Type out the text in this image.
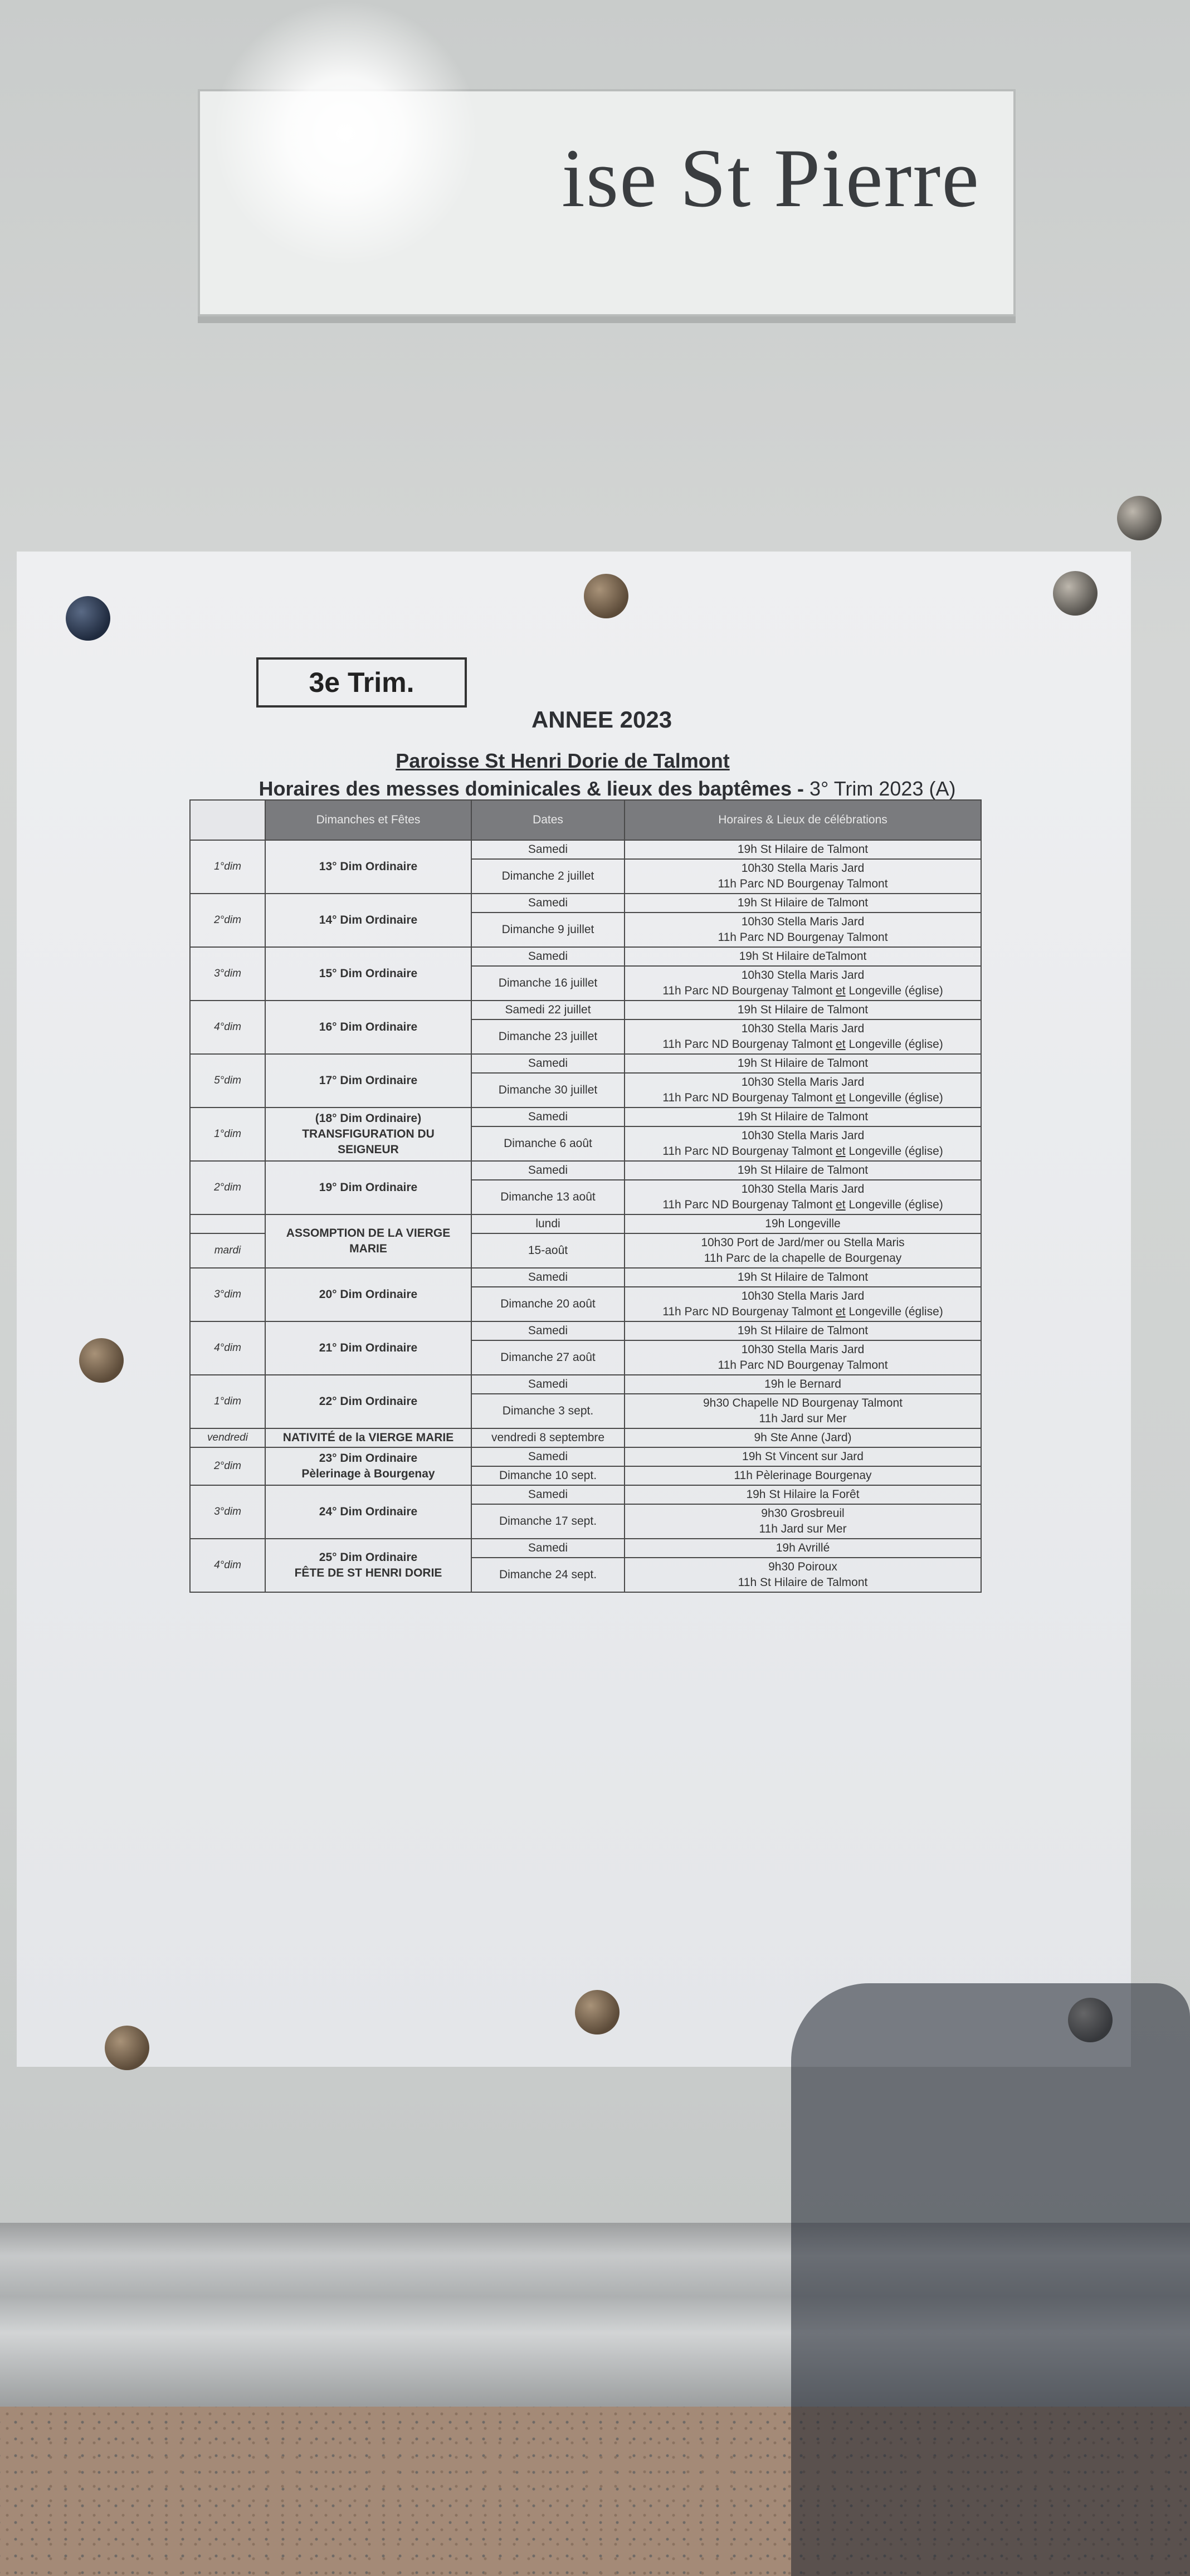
ise St Pierre
3e Trim.
ANNEE 2023
Paroisse St Henri Dorie de Talmont
Horaires des messes dominicales & lieux des baptêmes - 3° Trim 2023 (A)
	Dimanches et Fêtes	Dates	Horaires & Lieux de célébrations
1°dim	13° Dim Ordinaire	Samedi	19h St Hilaire de Talmont
		Dimanche 2 juillet	10h30 Stella Maris Jard
11h Parc ND Bourgenay Talmont
2°dim	14° Dim Ordinaire	Samedi	19h St Hilaire de Talmont
		Dimanche 9 juillet	10h30 Stella Maris Jard
11h Parc ND Bourgenay Talmont
3°dim	15° Dim Ordinaire	Samedi	19h St Hilaire deTalmont
		Dimanche 16 juillet	10h30 Stella Maris Jard
11h Parc ND Bourgenay Talmont et Longeville (église)
4°dim	16° Dim Ordinaire	Samedi 22 juillet	19h St Hilaire de Talmont
		Dimanche 23 juillet	10h30 Stella Maris Jard
11h Parc ND Bourgenay Talmont et Longeville (église)
5°dim	17° Dim Ordinaire	Samedi	19h St Hilaire de Talmont
		Dimanche 30 juillet	10h30 Stella Maris Jard
11h Parc ND Bourgenay Talmont et Longeville (église)
1°dim	(18° Dim Ordinaire)
TRANSFIGURATION DU
SEIGNEUR	Samedi	19h St Hilaire de Talmont
		Dimanche 6 août	10h30 Stella Maris Jard
11h Parc ND Bourgenay Talmont et Longeville (église)
2°dim	19° Dim Ordinaire	Samedi	19h St Hilaire de Talmont
		Dimanche 13 août	10h30 Stella Maris Jard
11h Parc ND Bourgenay Talmont et Longeville (église)
	ASSOMPTION DE LA VIERGE
MARIE	lundi	19h Longeville
mardi		15-août	10h30 Port de Jard/mer ou Stella Maris
11h Parc de la chapelle de Bourgenay
3°dim	20° Dim Ordinaire	Samedi	19h St Hilaire de Talmont
		Dimanche 20 août	10h30 Stella Maris Jard
11h Parc ND Bourgenay Talmont et Longeville (église)
4°dim	21° Dim Ordinaire	Samedi	19h St Hilaire de Talmont
		Dimanche 27 août	10h30 Stella Maris Jard
11h Parc ND Bourgenay Talmont
1°dim	22° Dim Ordinaire	Samedi	19h le Bernard
		Dimanche 3 sept.	9h30 Chapelle ND Bourgenay Talmont
11h Jard sur Mer
vendredi	NATIVITÉ de la VIERGE MARIE	vendredi 8 septembre	9h Ste Anne (Jard)
2°dim	23° Dim Ordinaire
Pèlerinage à Bourgenay	Samedi	19h St Vincent sur Jard
		Dimanche 10 sept.	11h Pèlerinage Bourgenay
3°dim	24° Dim Ordinaire	Samedi	19h St Hilaire la Forêt
		Dimanche 17 sept.	9h30 Grosbreuil
11h Jard sur Mer
4°dim	25° Dim Ordinaire
FÊTE DE ST HENRI DORIE	Samedi	19h Avrillé
		Dimanche 24 sept.	9h30 Poiroux
11h St Hilaire de Talmont
